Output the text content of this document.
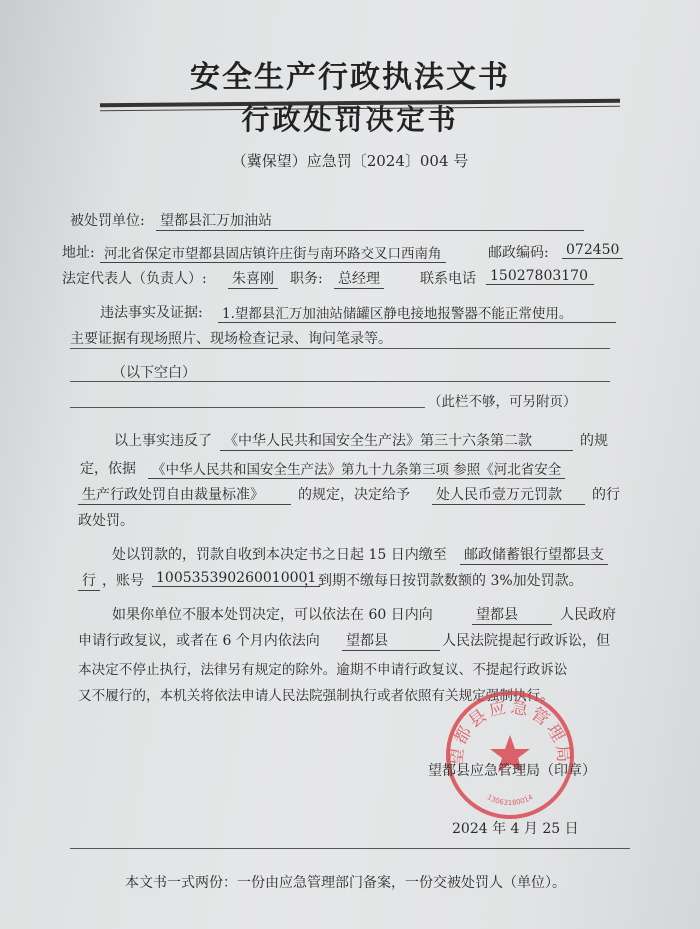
安全生产行政执法文书
行政处罚决定书
（冀保望）应急罚〔2024〕004 号
被处罚单位: 望都县汇万加油站
地址: 河北省保定市望都县固店镇许庄街与南环路交叉口西南角	邮政编码: 072450
法定代表人（负责人）: 朱喜刚 职务: 总经理	联系电话 15027803170
违法事实及证据: 1.望都县汇万加油站储罐区静电接地报警器不能正常使用。
主要证据有现场照片、现场检查记录、询问笔录等。
（以下空白）
（此栏不够，可另附页）
以上事实违反了 《中华人民共和国安全生产法》第三十六条第二款	的规
定，依据 《中华人民共和国安全生产法》第九十九条第三项 参照《河北省安全
生产行政处罚自由裁量标准》	的规定，决定给予 处人民币壹万元罚款	的行
政处罚。
处以罚款的，罚款自收到本决定书之日起 15 日内缴至 邮政储蓄银行望都县支
行 ，账号 100535390260010001
，到期不缴每日按罚款数额的 3%加处罚款。
如果你单位不服本处罚决定，可以依法在 60 日内向	望都县	人民政府
申请行政复议，或者在 6 个月内依法向 望都县	人民法院提起行政诉讼，但
本决定不停止执行，法律另有规定的除外。逾期不申请行政复议、不提起行政诉讼
又不履行的，本机关将依法申请人民法院强制执行或者依照有关规定强制执行。
望都县应急管理局
13063180014
望都县应急管理局（印章）
2024 年 4 月 25 日
本文书一式两份：一份由应急管理部门备案，一份交被处罚人（单位）。
